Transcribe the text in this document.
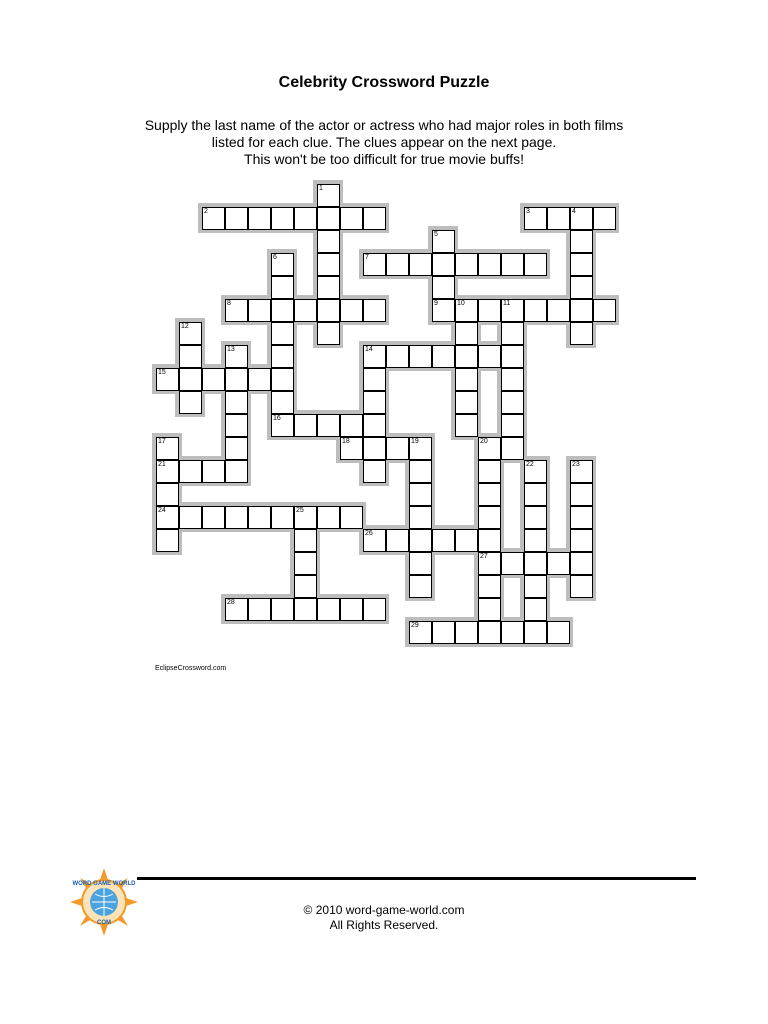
Celebrity Crossword Puzzle
Supply the last name of the actor or actress who had major roles in both films
listed for each clue. The clues appear on the next page.
This won't be too difficult for true movie buffs!
1
2	3	4
5
9
6
16
7
8	10	11
12
13	14
15
17
21
24
18	19	20
27
22	23
25
26
28
29
EclipseCrossword.com
WORD GAME WORLD
COM
© 2010 word-game-world.com
All Rights Reserved.
